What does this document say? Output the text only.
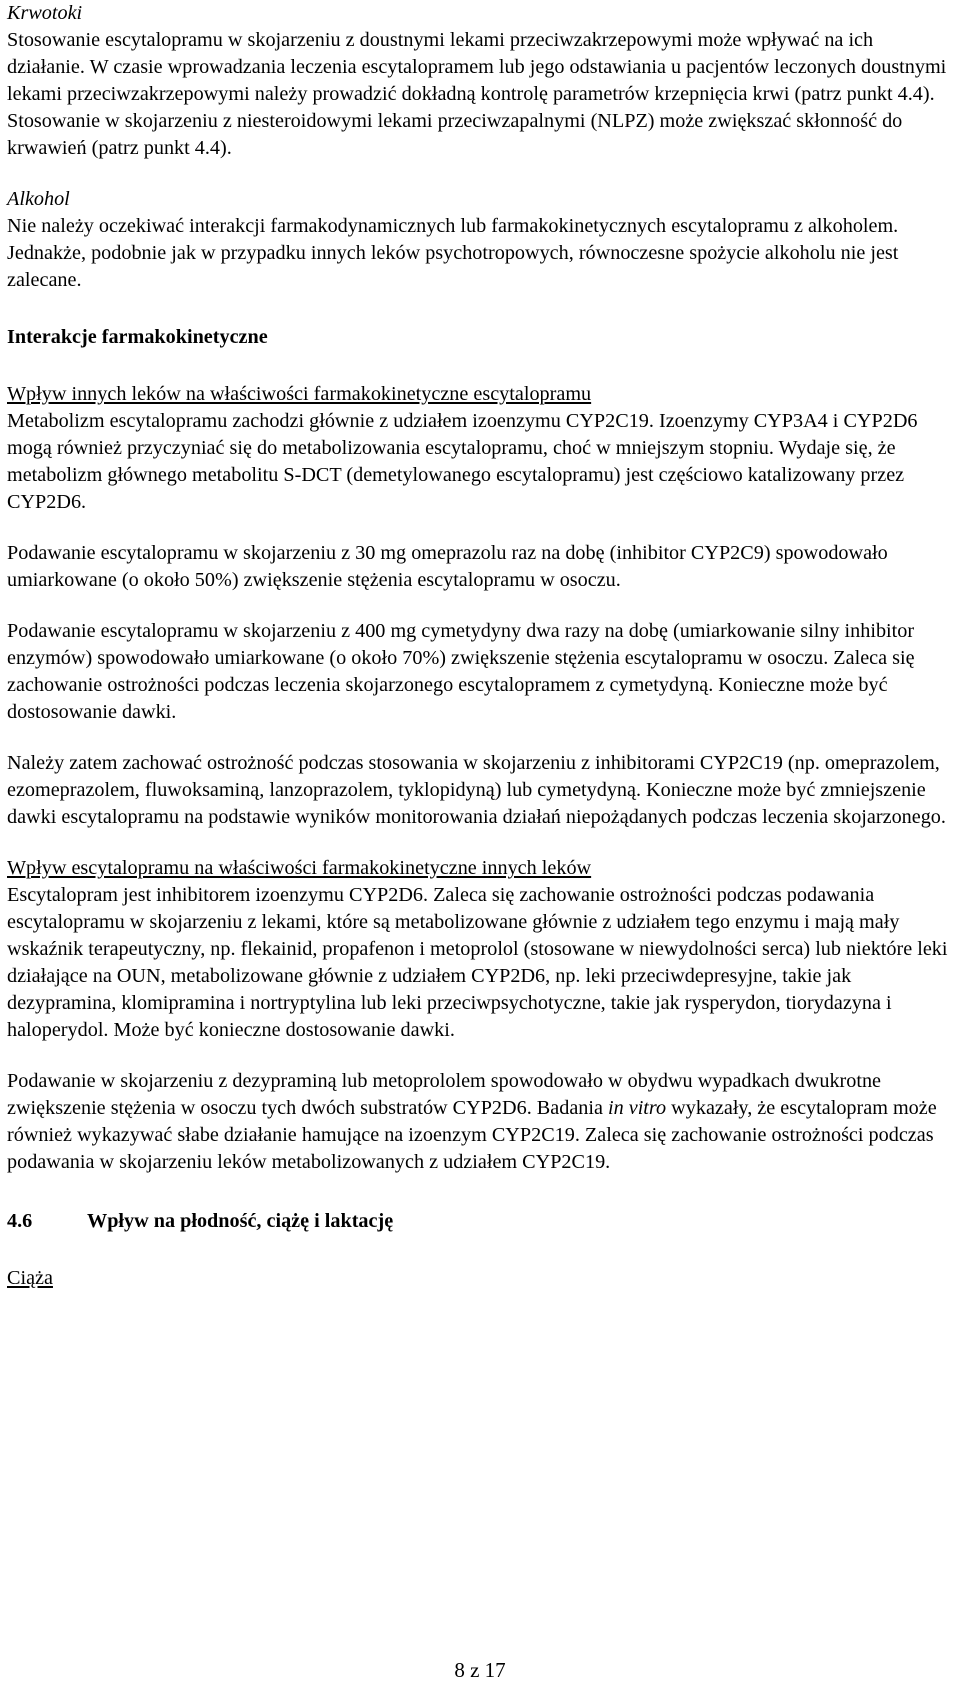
Krwotoki
Stosowanie escytalopramu w skojarzeniu z doustnymi lekami przeciwzakrzepowymi może wpływać na ich działanie. W czasie wprowadzania leczenia escytalopramem lub jego odstawiania u pacjentów leczonych doustnymi lekami przeciwzakrzepowymi należy prowadzić dokładną kontrolę parametrów krzepnięcia krwi (patrz punkt 4.4). Stosowanie w skojarzeniu z niesteroidowymi lekami przeciwzapalnymi (NLPZ) może zwiększać skłonność do krwawień (patrz punkt 4.4).
Alkohol
Nie należy oczekiwać interakcji farmakodynamicznych lub farmakokinetycznych escytalopramu z alkoholem. Jednakże, podobnie jak w przypadku innych leków psychotropowych, równoczesne spożycie alkoholu nie jest zalecane.
Interakcje farmakokinetyczne
Wpływ innych leków na właściwości farmakokinetyczne escytalopramu
Metabolizm escytalopramu zachodzi głównie z udziałem izoenzymu CYP2C19. Izoenzymy CYP3A4 i CYP2D6 mogą również przyczyniać się do metabolizowania escytalopramu, choć w mniejszym stopniu. Wydaje się, że metabolizm głównego metabolitu S-DCT (demetylowanego escytalopramu) jest częściowo katalizowany przez CYP2D6.
Podawanie escytalopramu w skojarzeniu z 30 mg omeprazolu raz na dobę (inhibitor CYP2C9) spowodowało umiarkowane (o około 50%) zwiększenie stężenia escytalopramu w osoczu.
Podawanie escytalopramu w skojarzeniu z 400 mg cymetydyny dwa razy na dobę (umiarkowanie silny inhibitor enzymów) spowodowało umiarkowane (o około 70%) zwiększenie stężenia escytalopramu w osoczu. Zaleca się zachowanie ostrożności podczas leczenia skojarzonego escytalopramem z cymetydyną. Konieczne może być dostosowanie dawki.
Należy zatem zachować ostrożność podczas stosowania w skojarzeniu z inhibitorami CYP2C19 (np. omeprazolem, ezomeprazolem, fluwoksaminą, lanzoprazolem, tyklopidyną) lub cymetydyną. Konieczne może być zmniejszenie dawki escytalopramu na podstawie wyników monitorowania działań niepożądanych podczas leczenia skojarzonego.
Wpływ escytalopramu na właściwości farmakokinetyczne innych leków
Escytalopram jest inhibitorem izoenzymu CYP2D6. Zaleca się zachowanie ostrożności podczas podawania escytalopramu w skojarzeniu z lekami, które są metabolizowane głównie z udziałem tego enzymu i mają mały wskaźnik terapeutyczny, np. flekainid, propafenon i metoprolol (stosowane w niewydolności serca) lub niektóre leki działające na OUN, metabolizowane głównie z udziałem CYP2D6, np. leki przeciwdepresyjne, takie jak dezypramina, klomipramina i nortryptylina lub leki przeciwpsychotyczne, takie jak rysperydon, tiorydazyna i haloperydol. Może być konieczne dostosowanie dawki.
Podawanie w skojarzeniu z dezypraminą lub metoprololem spowodowało w obydwu wypadkach dwukrotne zwiększenie stężenia w osoczu tych dwóch substratów CYP2D6. Badania in vitro wykazały, że escytalopram może również wykazywać słabe działanie hamujące na izoenzym CYP2C19. Zaleca się zachowanie ostrożności podczas podawania w skojarzeniu leków metabolizowanych z udziałem CYP2C19.
4.6	Wpływ na płodność, ciążę i laktację
Ciąża
8 z 17
